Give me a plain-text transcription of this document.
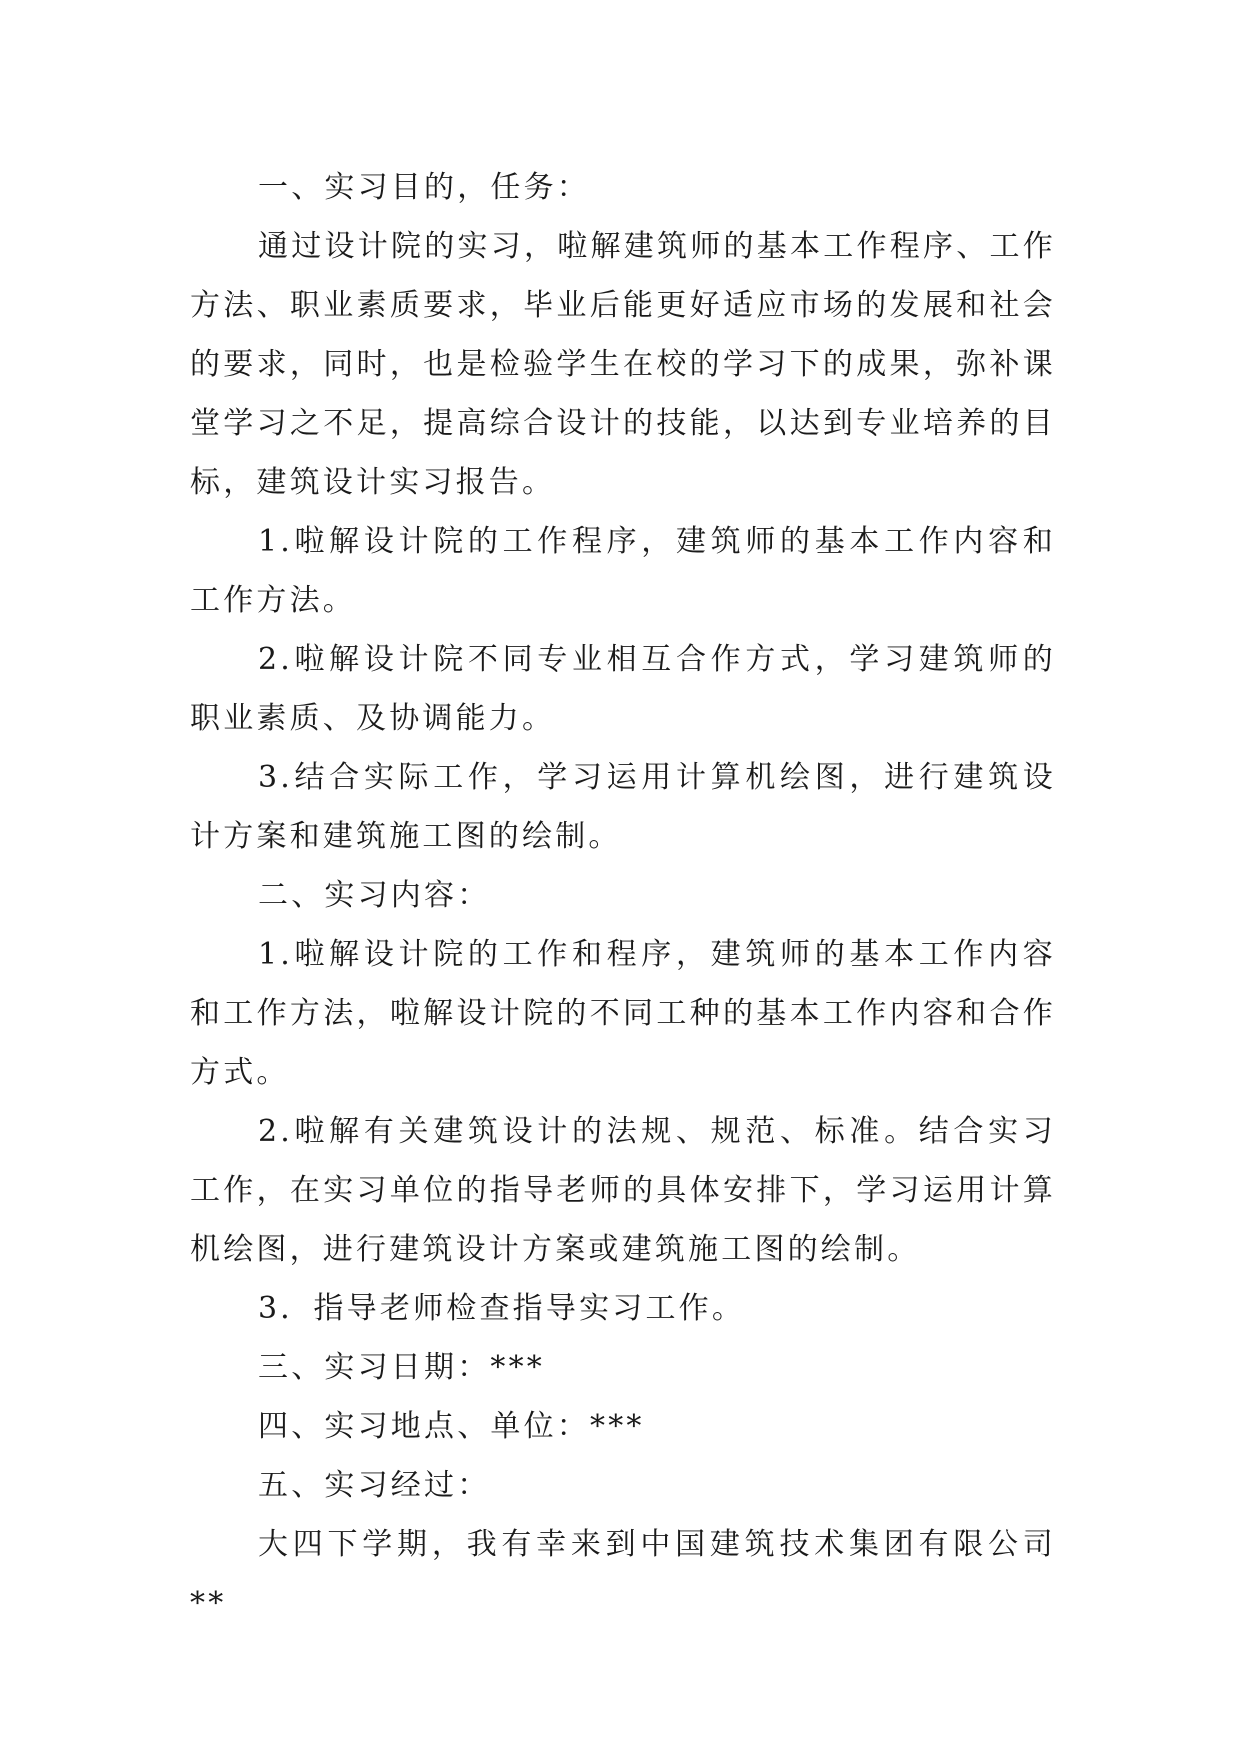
一、实习目的，任务：

通过设计院的实习，啦解建筑师的基本工作程序、工作方法、职业素质要求，毕业后能更好适应市场的发展和社会的要求，同时，也是检验学生在校的学习下的成果，弥补课堂学习之不足，提高综合设计的技能，以达到专业培养的目标，建筑设计实习报告。

1.啦解设计院的工作程序，建筑师的基本工作内容和工作方法。

2.啦解设计院不同专业相互合作方式，学习建筑师的职业素质、及协调能力。

3.结合实际工作，学习运用计算机绘图，进行建筑设计方案和建筑施工图的绘制。

二、实习内容：

1.啦解设计院的工作和程序，建筑师的基本工作内容和工作方法，啦解设计院的不同工种的基本工作内容和合作方式。

2.啦解有关建筑设计的法规、规范、标准。结合实习工作，在实习单位的指导老师的具体安排下，学习运用计算机绘图，进行建筑设计方案或建筑施工图的绘制。

3．指导老师检查指导实习工作。

三、实习日期：***

四、实习地点、单位：***

五、实习经过：

大四下学期，我有幸来到中国建筑技术集团有限公司**
